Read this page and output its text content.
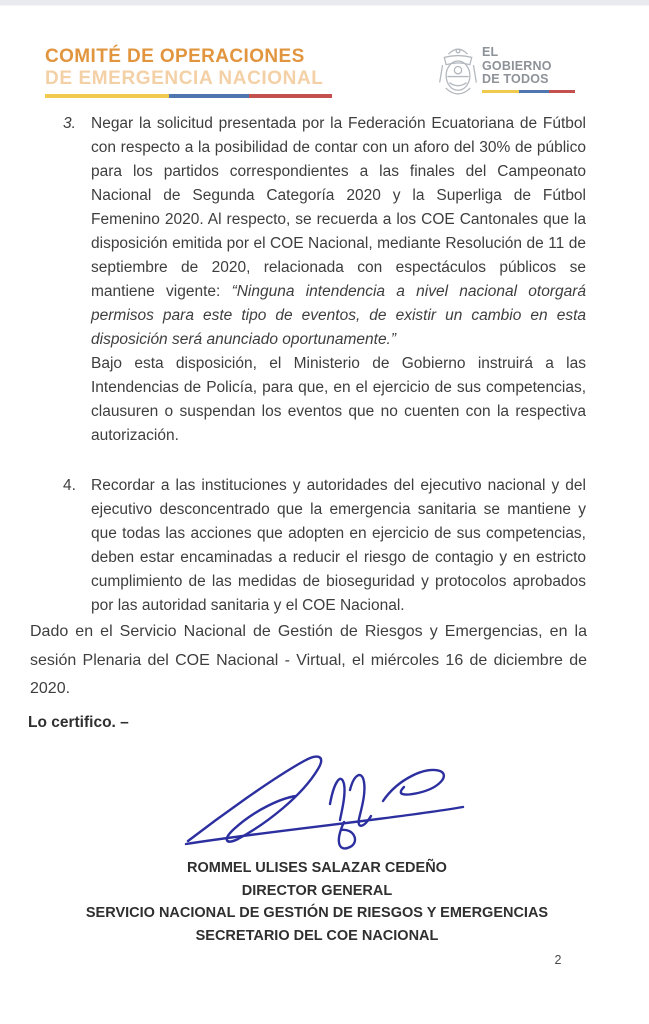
COMITÉ DE OPERACIONES
DE EMERGENCIA NACIONAL
EL
GOBIERNO
DE TODOS
3. Negar la solicitud presentada por la Federación Ecuatoriana de Fútbol con respecto a la posibilidad de contar con un aforo del 30% de público para los partidos correspondientes a las finales del Campeonato Nacional de Segunda Categoría 2020 y la Superliga de Fútbol Femenino 2020. Al respecto, se recuerda a los COE Cantonales que la disposición emitida por el COE Nacional, mediante Resolución de 11 de septiembre de 2020, relacionada con espectáculos públicos se mantiene vigente: “Ninguna intendencia a nivel nacional otorgará permisos para este tipo de eventos, de existir un cambio en esta disposición será anunciado oportunamente.”

Bajo esta disposición, el Ministerio de Gobierno instruirá a las Intendencias de Policía, para que, en el ejercicio de sus competencias, clausuren o suspendan los eventos que no cuenten con la respectiva autorización.

4. Recordar a las instituciones y autoridades del ejecutivo nacional y del ejecutivo desconcentrado que la emergencia sanitaria se mantiene y que todas las acciones que adopten en ejercicio de sus competencias, deben estar encaminadas a reducir el riesgo de contagio y en estricto cumplimiento de las medidas de bioseguridad y protocolos aprobados por las autoridad sanitaria y el COE Nacional.

Dado en el Servicio Nacional de Gestión de Riesgos y Emergencias, en la sesión Plenaria del COE Nacional - Virtual, el miércoles 16 de diciembre de 2020.
Lo certifico. –
ROMMEL ULISES SALAZAR CEDEÑO
DIRECTOR GENERAL
SERVICIO NACIONAL DE GESTIÓN DE RIESGOS Y EMERGENCIAS
SECRETARIO DEL COE NACIONAL
2
